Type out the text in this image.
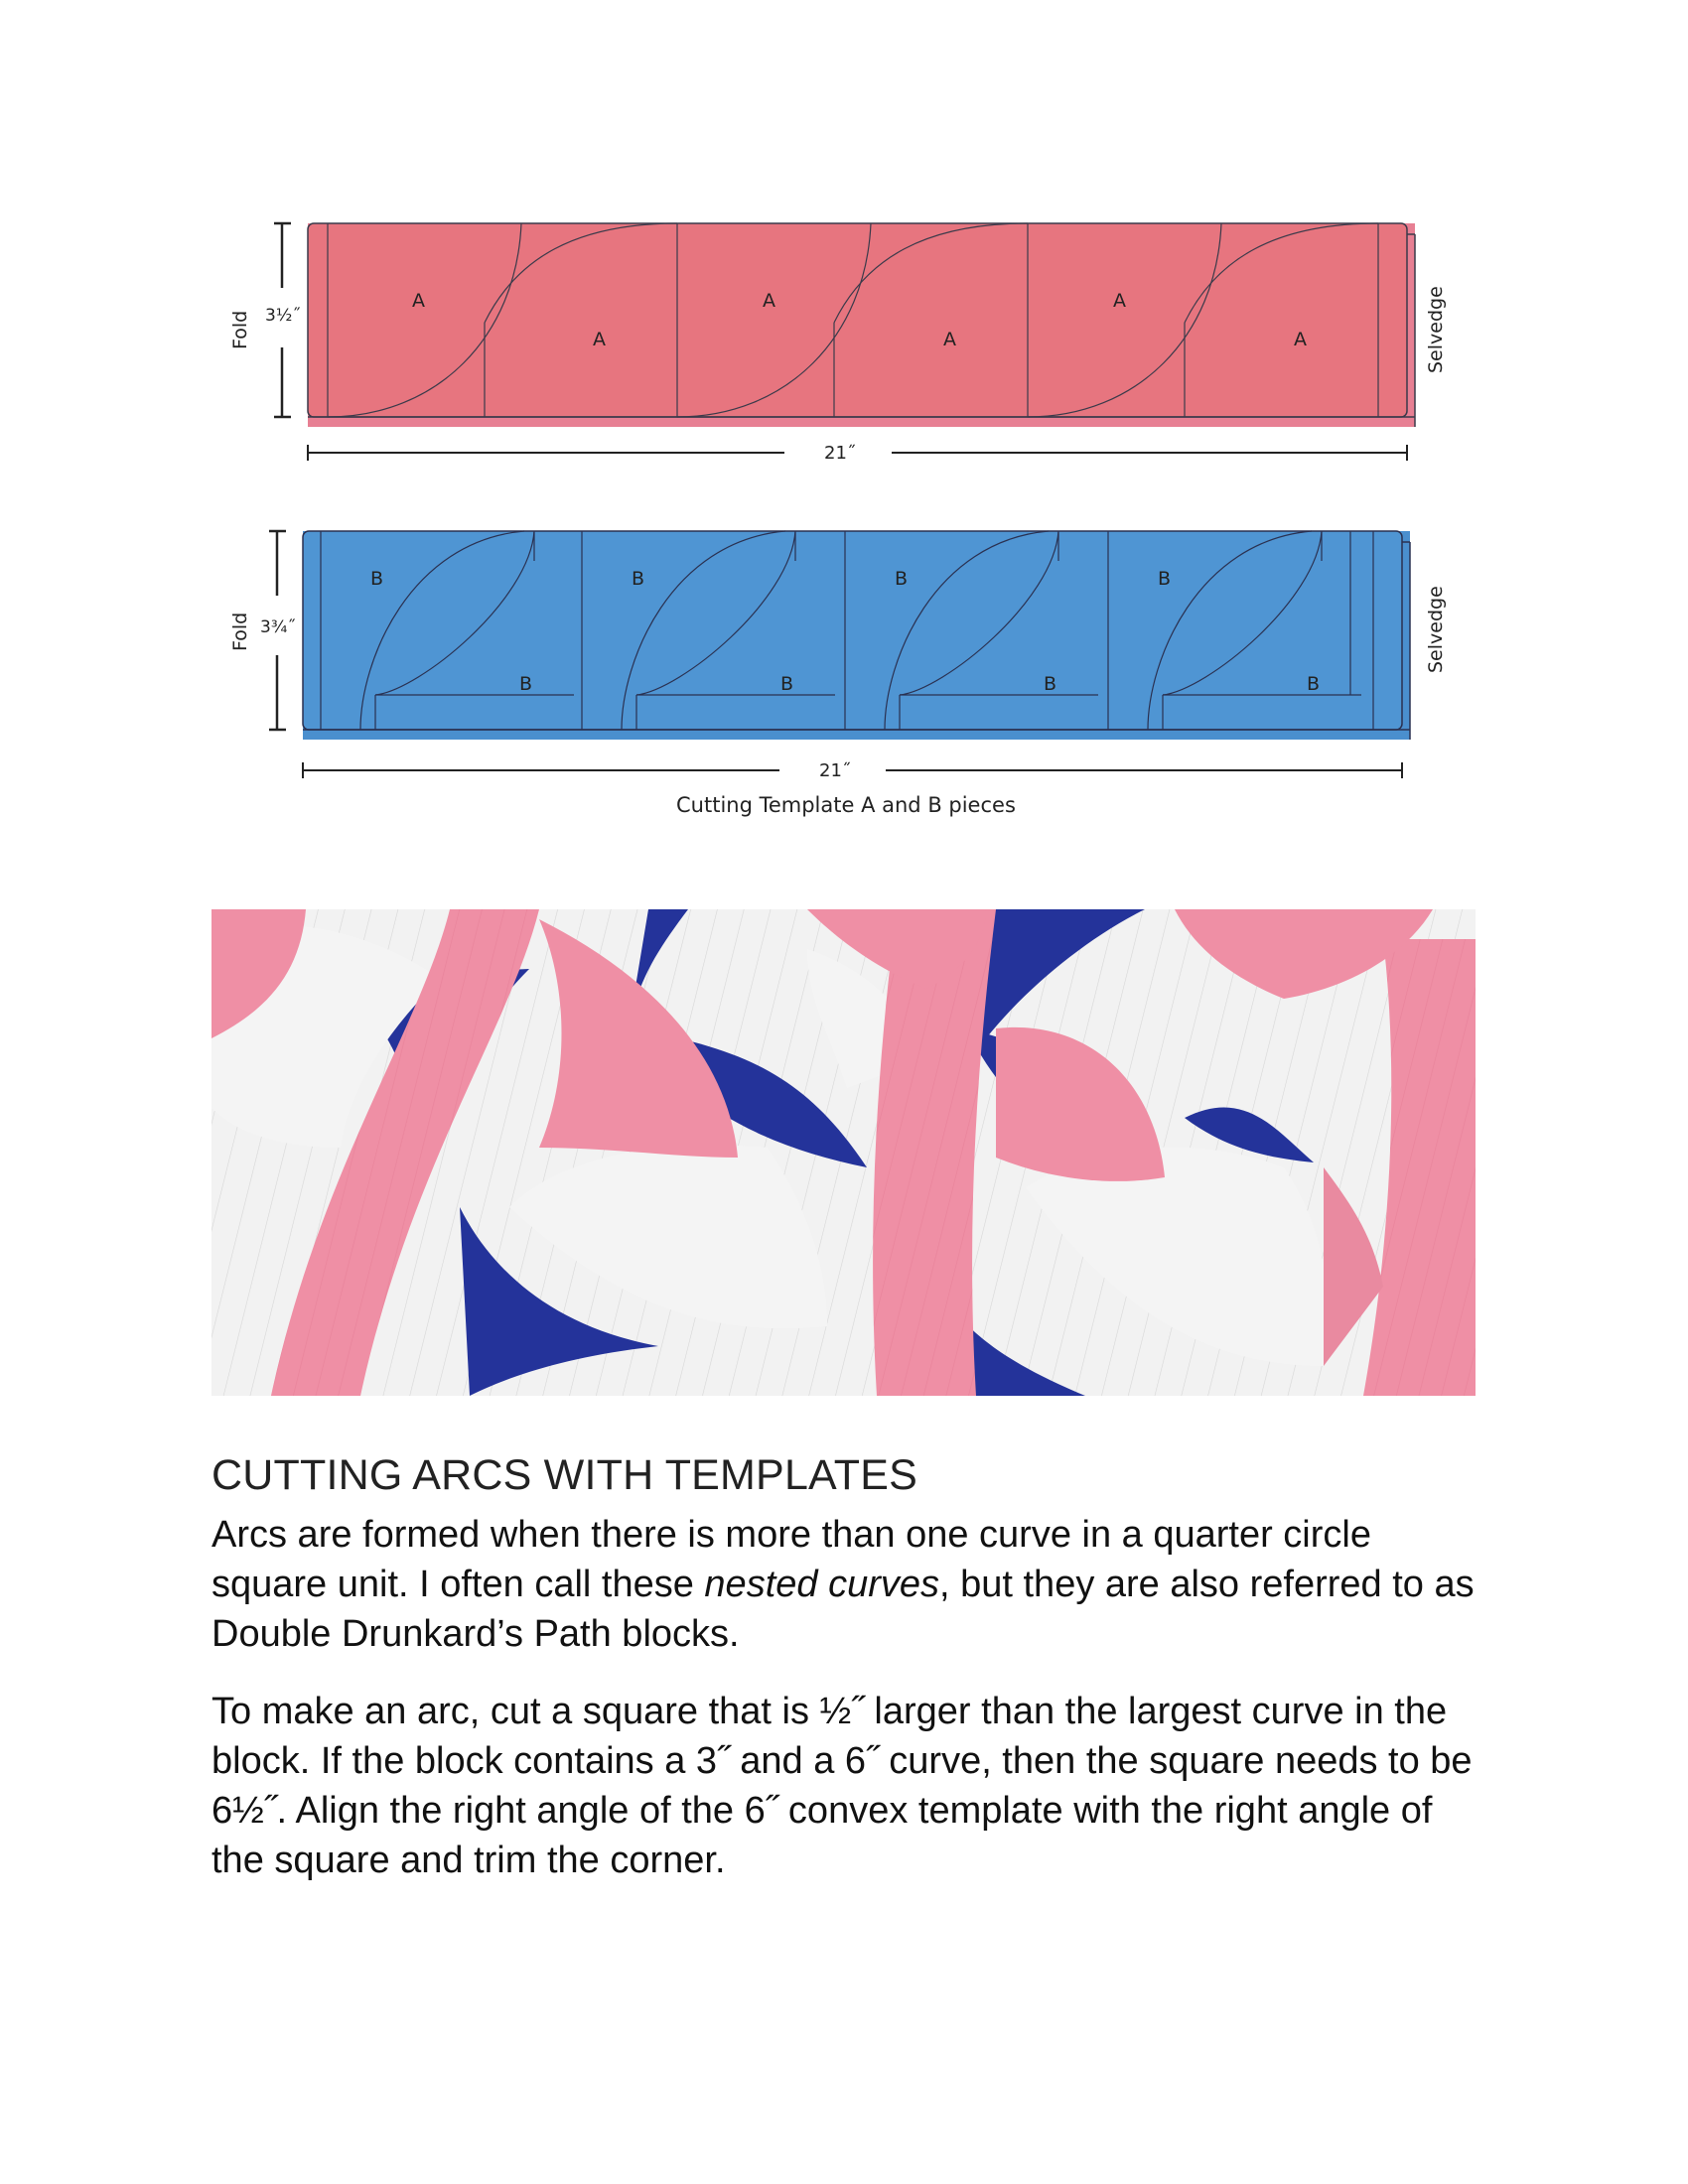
A
A
A
A
A
A
3½˝
Fold	Selvedge
21˝
B
B
B
B
B
B
B
B
3¾˝
Fold	Selvedge
21˝
Cutting Template A and B pieces
CUTTING ARCS WITH TEMPLATES

Arcs are formed when there is more than one curve in a quarter circle square unit. I often call these nested curves, but they are also referred to as Double Drunkard’s Path blocks.

To make an arc, cut a square that is ½˝ larger than the largest curve in the block. If the block contains a 3˝ and a 6˝ curve, then the square needs to be 6½˝. Align the right angle of the 6˝ convex template with the right angle of the square and trim the corner.
